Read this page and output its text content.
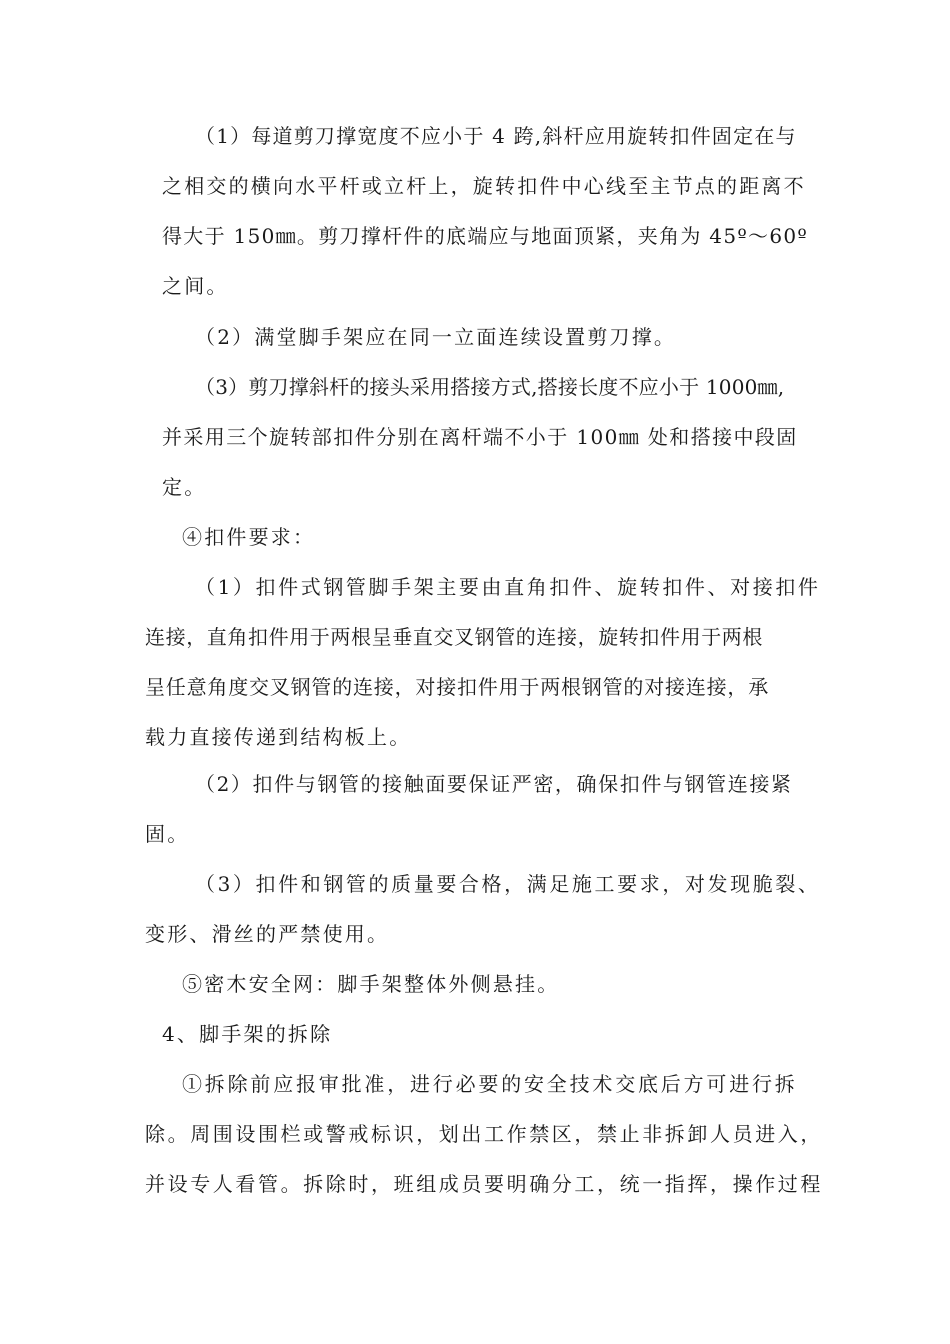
（1）每道剪刀撑宽度不应小于 4 跨,斜杆应用旋转扣件固定在与
之相交的横向水平杆或立杆上，旋转扣件中心线至主节点的距离不
得大于 150㎜。剪刀撑杆件的底端应与地面顶紧，夹角为 45º～60º
之间。
（2）满堂脚手架应在同一立面连续设置剪刀撑。
（3）剪刀撑斜杆的接头采用搭接方式,搭接长度不应小于 1000㎜,
并采用三个旋转部扣件分别在离杆端不小于 100㎜ 处和搭接中段固
定。
④扣件要求：
（1）扣件式钢管脚手架主要由直角扣件、旋转扣件、对接扣件
连接，直角扣件用于两根呈垂直交叉钢管的连接，旋转扣件用于两根
呈任意角度交叉钢管的连接，对接扣件用于两根钢管的对接连接，承
载力直接传递到结构板上。
（2）扣件与钢管的接触面要保证严密，确保扣件与钢管连接紧
固。
（3）扣件和钢管的质量要合格，满足施工要求，对发现脆裂、
变形、滑丝的严禁使用。
⑤密木安全网：脚手架整体外侧悬挂。
4、脚手架的拆除
①拆除前应报审批准，进行必要的安全技术交底后方可进行拆
除。周围设围栏或警戒标识，划出工作禁区，禁止非拆卸人员进入，
并设专人看管。拆除时，班组成员要明确分工，统一指挥，操作过程
